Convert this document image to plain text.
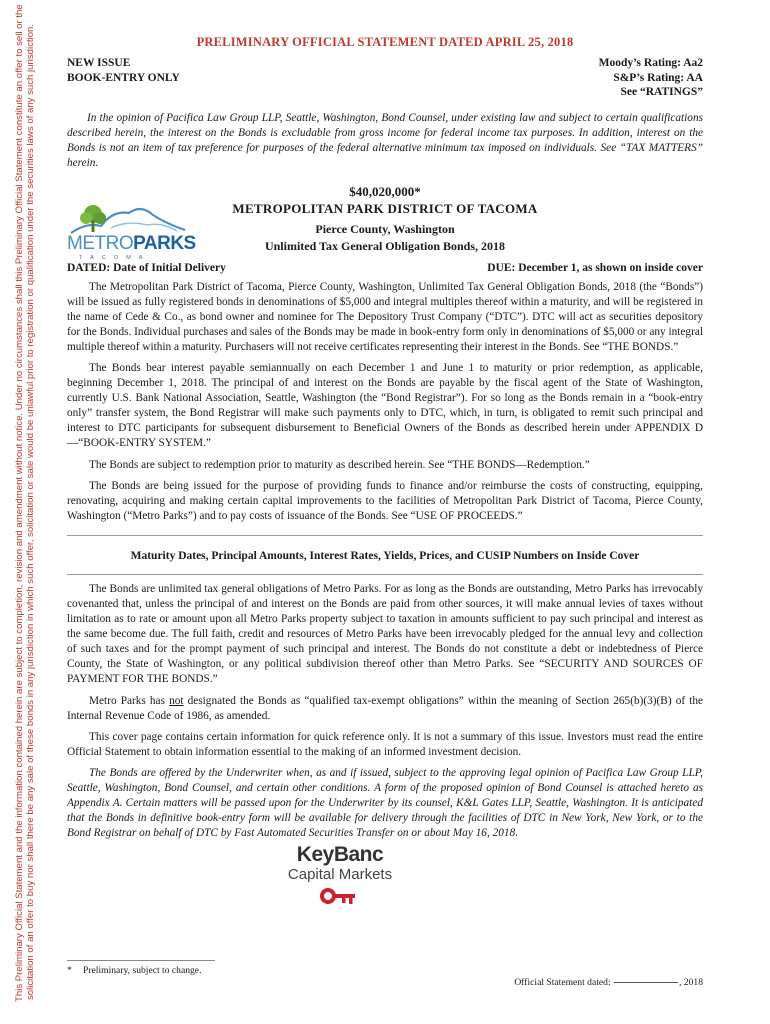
This Preliminary Official Statement and the information contained herein are subject to completion, revision and amendment without notice. Under no circumstances shall this Preliminary Official Statement constitute an offer to sell or the solicitation of an offer to buy nor shall there be any sale of these bonds in any jurisdiction in which such offer, solicitation or sale would be unlawful prior to registration or qualification under the securities laws of any such jurisdiction.	PRELIMINARY OFFICIAL STATEMENT DATED APRIL 25, 2018
NEW ISSUE
BOOK-ENTRY ONLY
Moody’s Rating: Aa2
S&P’s Rating: AA
See “RATINGS”
In the opinion of Pacifica Law Group LLP, Seattle, Washington, Bond Counsel, under existing law and subject to certain qualifications described herein, the interest on the Bonds is excludable from gross income for federal income tax purposes. In addition, interest on the Bonds is not an item of tax preference for purposes of the federal alternative minimum tax imposed on individuals. See “TAX MATTERS” herein.
METROPARKS
TACOMA
$40,020,000*
METROPOLITAN PARK DISTRICT OF TACOMA
Pierce County, Washington
Unlimited Tax General Obligation Bonds, 2018
DATED: Date of Initial Delivery	DUE: December 1, as shown on inside cover

The Metropolitan Park District of Tacoma, Pierce County, Washington, Unlimited Tax General Obligation Bonds, 2018 (the “Bonds”) will be issued as fully registered bonds in denominations of $5,000 and integral multiples thereof within a maturity, and will be registered in the name of Cede & Co., as bond owner and nominee for The Depository Trust Company (“DTC”). DTC will act as securities depository for the Bonds. Individual purchases and sales of the Bonds may be made in book-entry form only in denominations of $5,000 or any integral multiple thereof within a maturity. Purchasers will not receive certificates representing their interest in the Bonds. See “THE BONDS.”

The Bonds bear interest payable semiannually on each December 1 and June 1 to maturity or prior redemption, as applicable, beginning December 1, 2018. The principal of and interest on the Bonds are payable by the fiscal agent of the State of Washington, currently U.S. Bank National Association, Seattle, Washington (the “Bond Registrar”). For so long as the Bonds remain in a “book-entry only” transfer system, the Bond Registrar will make such payments only to DTC, which, in turn, is obligated to remit such principal and interest to DTC participants for subsequent disbursement to Beneficial Owners of the Bonds as described herein under APPENDIX D—“BOOK-ENTRY SYSTEM.”

The Bonds are subject to redemption prior to maturity as described herein. See “THE BONDS—Redemption.”

The Bonds are being issued for the purpose of providing funds to finance and/or reimburse the costs of constructing, equipping, renovating, acquiring and making certain capital improvements to the facilities of Metropolitan Park District of Tacoma, Pierce County, Washington (“Metro Parks”) and to pay costs of issuance of the Bonds. See “USE OF PROCEEDS.”

Maturity Dates, Principal Amounts, Interest Rates, Yields, Prices, and CUSIP Numbers on Inside Cover

The Bonds are unlimited tax general obligations of Metro Parks. For as long as the Bonds are outstanding, Metro Parks has irrevocably covenanted that, unless the principal of and interest on the Bonds are paid from other sources, it will make annual levies of taxes without limitation as to rate or amount upon all Metro Parks property subject to taxation in amounts sufficient to pay such principal and interest as the same become due. The full faith, credit and resources of Metro Parks have been irrevocably pledged for the annual levy and collection of such taxes and for the prompt payment of such principal and interest. The Bonds do not constitute a debt or indebtedness of Pierce County, the State of Washington, or any political subdivision thereof other than Metro Parks. See “SECURITY AND SOURCES OF PAYMENT FOR THE BONDS.”

Metro Parks has not designated the Bonds as “qualified tax-exempt obligations” within the meaning of Section 265(b)(3)(B) of the Internal Revenue Code of 1986, as amended.

This cover page contains certain information for quick reference only. It is not a summary of this issue. Investors must read the entire Official Statement to obtain information essential to the making of an informed investment decision.

The Bonds are offered by the Underwriter when, as and if issued, subject to the approving legal opinion of Pacifica Law Group LLP, Seattle, Washington, Bond Counsel, and certain other conditions. A form of the proposed opinion of Bond Counsel is attached hereto as Appendix A. Certain matters will be passed upon for the Underwriter by its counsel, K&L Gates LLP, Seattle, Washington. It is anticipated that the Bonds in definitive book-entry form will be available for delivery through the facilities of DTC in New York, New York, or to the Bond Registrar on behalf of DTC by Fast Automated Securities Transfer on or about May 16, 2018.

KeyBanc
Capital Markets
* Preliminary, subject to change.
Official Statement dated:	, 2018
